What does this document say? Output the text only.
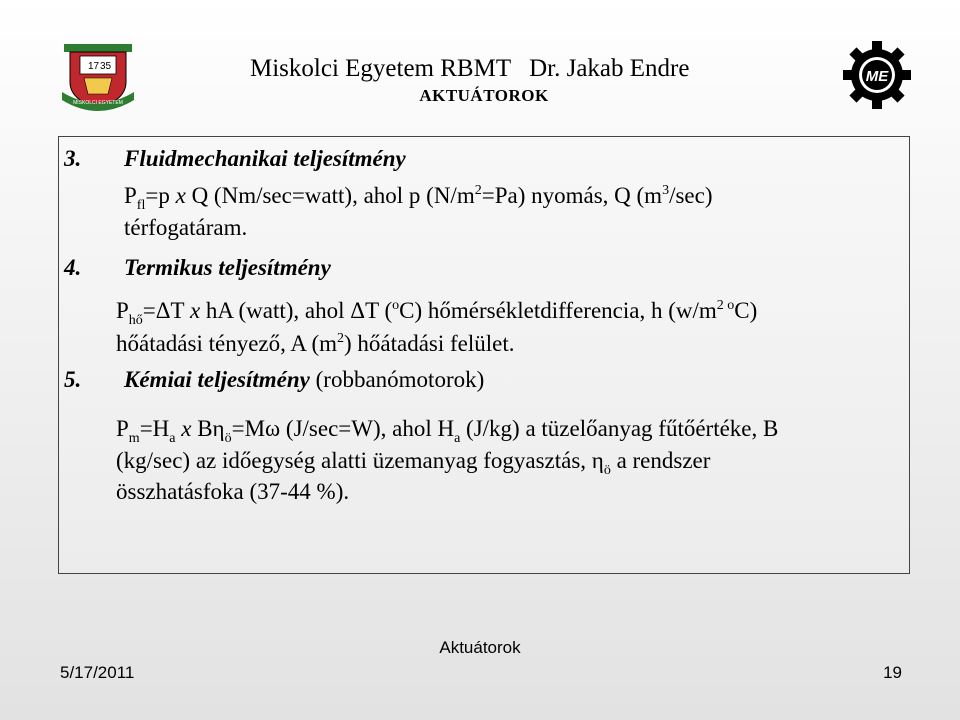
17 35
MISKOLCI EGYETEM
Miskolci Egyetem RBMT Dr. Jakab Endre
AKTUÁTOROK
ME
3. Fluidmechanikai teljesítmény
$P_{fl}=p$ x Q (Nm/sec=watt), ahol p $(N/m^2=Pa)$ nyomás, Q $(m^3/\sec)$
térfogatáram.
4. Termikus teljesítmény
$P_{hő}=\Delta T$ x hA (watt), ahol ΔT ($^o$C) hőmérsékletdifferencia, h $(w/m^{2 o}C)$
hőátadási tényező, A $(m^2)$ hőátadási felület.
5. Kémiai teljesítmény (robbanómotorok)
$P_m=H_a$ x $B\eta_ö=M\omega$ (J/sec=W), ahol $H_a$ (J/kg) a tüzelőanyag fűtőértéke, B
(kg/sec) az időegység alatti üzemanyag fogyasztás, $\eta_ö$ a rendszer
összhatásfoka (37-44 %).
Aktuátorok
5/17/2011	19
